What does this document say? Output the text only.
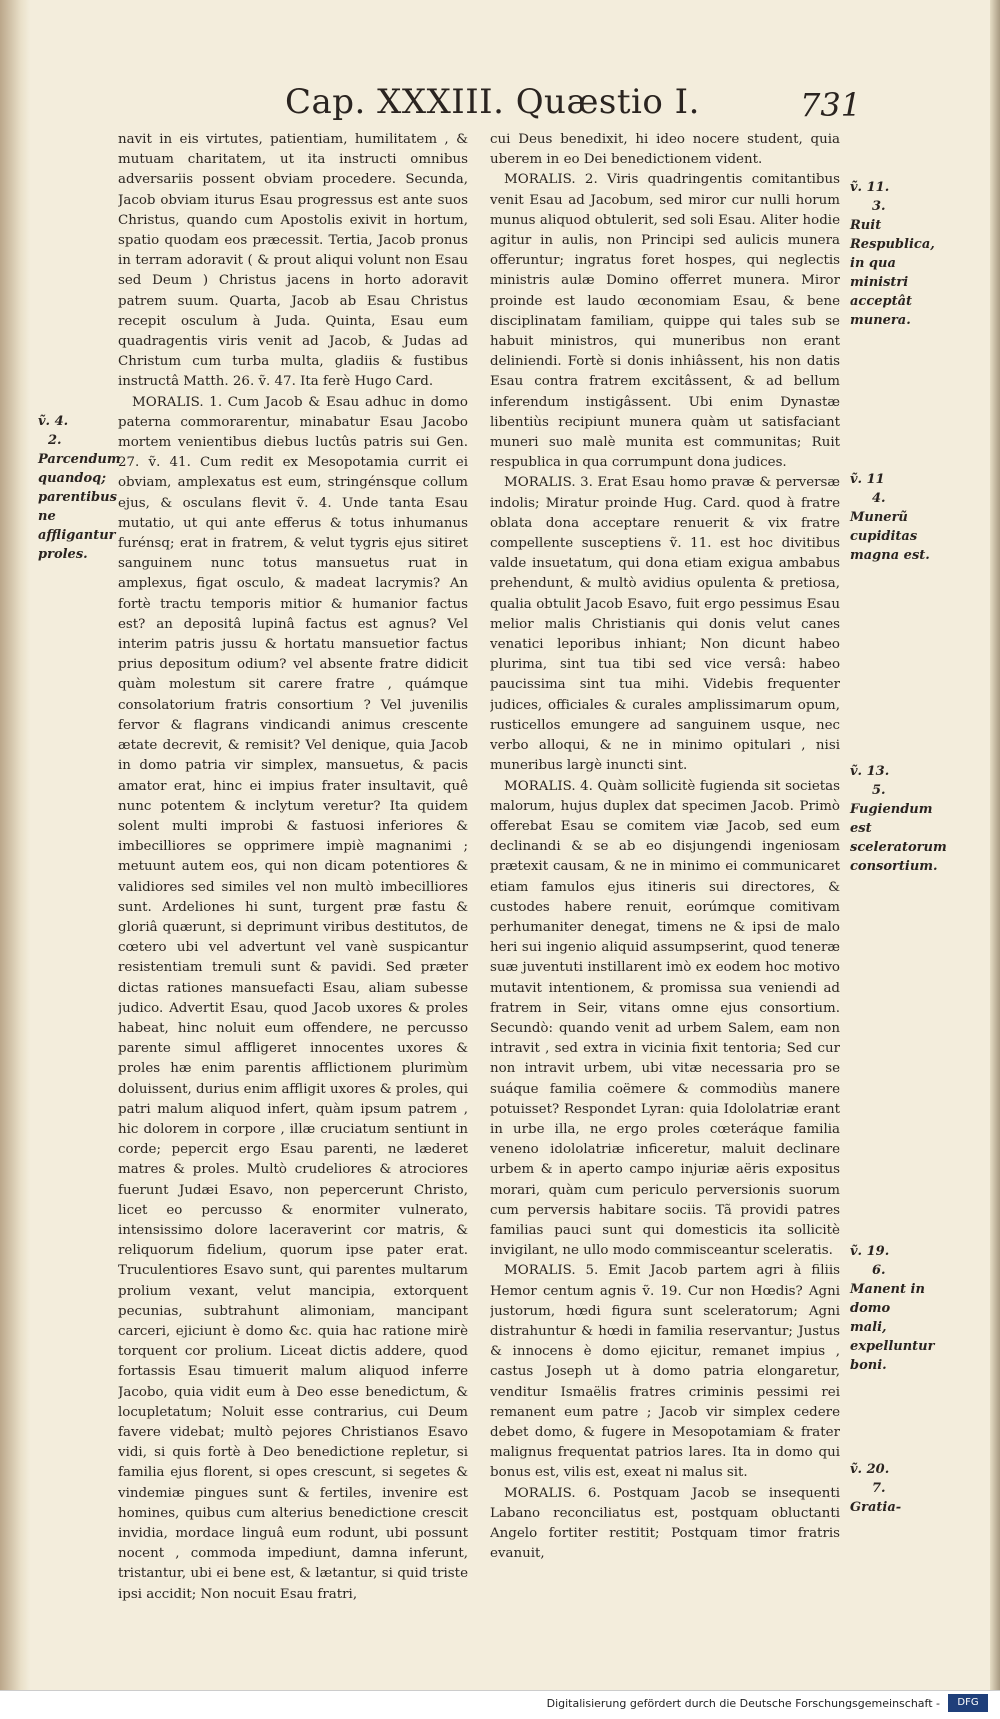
Cap. XXXIII. Quæstio I.	731

navit in eis virtutes, patientiam, humilitatem , & mutuam charitatem, ut ita instructi omnibus adversariis possent obviam procedere. Secunda, Jacob obviam iturus Esau progressus est ante suos Christus, quando cum Apostolis exivit in hortum, spatio quodam eos præcessit. Tertia, Jacob pronus in terram adoravit ( & prout aliqui volunt non Esau sed Deum ) Christus jacens in horto adoravit patrem suum. Quarta, Jacob ab Esau Christus recepit osculum à Juda. Quinta, Esau eum quadragentis viris venit ad Jacob, & Judas ad Christum cum turba multa, gladiis & fustibus instructâ Matth. 26. ṽ. 47. Ita ferè Hugo Card.

MORALIS. 1. Cum Jacob & Esau adhuc in domo paterna commorarentur, minabatur Esau Jacobo mortem venientibus diebus luctûs patris sui Gen. 27. ṽ. 41. Cum redit ex Mesopotamia currit ei obviam, amplexatus est eum, stringénsque collum ejus, & osculans flevit ṽ. 4. Unde tanta Esau mutatio, ut qui ante efferus & totus inhumanus furénsq; erat in fratrem, & velut tygris ejus sitiret sanguinem nunc totus mansuetus ruat in amplexus, figat osculo, & madeat lacrymis? An fortè tractu temporis mitior & humanior factus est? an depositâ lupinâ factus est agnus? Vel interim patris jussu & hortatu mansuetior factus prius depositum odium? vel absente fratre didicit quàm molestum sit carere fratre , quámque consolatorium fratris consortium ? Vel juvenilis fervor & flagrans vindicandi animus crescente ætate decrevit, & remisit? Vel denique, quia Jacob in domo patria vir simplex, mansuetus, & pacis amator erat, hinc ei impius frater insultavit, quê nunc potentem & inclytum veretur? Ita quidem solent multi improbi & fastuosi inferiores & imbecilliores se opprimere impiè magnanimi ; metuunt autem eos, qui non dicam potentiores & validiores sed similes vel non multò imbecilliores sunt. Ardeliones hi sunt, turgent præ fastu & gloriâ quærunt, si deprimunt viribus destitutos, de cœtero ubi vel advertunt vel vanè suspicantur resistentiam tremuli sunt & pavidi. Sed præter dictas rationes mansuefacti Esau, aliam subesse judico. Advertit Esau, quod Jacob uxores & proles habeat, hinc noluit eum offendere, ne percusso parente simul affligeret innocentes uxores & proles hæ enim parentis afflictionem plurimùm doluissent, durius enim affligit uxores & proles, qui patri malum aliquod infert, quàm ipsum patrem , hic dolorem in corpore , illæ cruciatum sentiunt in corde; pepercit ergo Esau parenti, ne læderet matres & proles. Multò crudeliores & atrociores fuerunt Judæi Esavo, non pepercerunt Christo, licet eo percusso & enormiter vulnerato, intensissimo dolore laceraverint cor matris, & reliquorum fidelium, quorum ipse pater erat. Truculentiores Esavo sunt, qui parentes multarum prolium vexant, velut mancipia, extorquent pecunias, subtrahunt alimoniam, mancipant carceri, ejiciunt è domo &c. quia hac ratione mirè torquent cor prolium. Liceat dictis addere, quod fortassis Esau timuerit malum aliquod inferre Jacobo, quia vidit eum à Deo esse benedictum, & locupletatum; Noluit esse contrarius, cui Deum favere videbat; multò pejores Christianos Esavo vidi, si quis fortè à Deo benedictione repletur, si familia ejus florent, si opes crescunt, si segetes & vindemiæ pingues sunt & fertiles, invenire est homines, quibus cum alterius benedictione crescit invidia, mordace linguâ eum rodunt, ubi possunt nocent , commoda impediunt, damna inferunt, tristantur, ubi ei bene est, & lætantur, si quid triste ipsi accidit; Non nocuit Esau fratri,

cui Deus benedixit, hi ideo nocere student, quia uberem in eo Dei benedictionem vident.

MORALIS. 2. Viris quadringentis comitantibus venit Esau ad Jacobum, sed miror cur nulli horum munus aliquod obtulerit, sed soli Esau. Aliter hodie agitur in aulis, non Principi sed aulicis munera offeruntur; ingratus foret hospes, qui neglectis ministris aulæ Domino offerret munera. Miror proinde est laudo œconomiam Esau, & bene disciplinatam familiam, quippe qui tales sub se habuit ministros, qui muneribus non erant deliniendi. Fortè si donis inhiâssent, his non datis Esau contra fratrem excitâssent, & ad bellum inferendum instigâssent. Ubi enim Dynastæ libentiùs recipiunt munera quàm ut satisfaciant muneri suo malè munita est communitas; Ruit respublica in qua corrumpunt dona judices.

MORALIS. 3. Erat Esau homo pravæ & perversæ indolis; Miratur proinde Hug. Card. quod à fratre oblata dona acceptare renuerit & vix fratre compellente susceptiens ṽ. 11. est hoc divitibus valde insuetatum, qui dona etiam exigua ambabus prehendunt, & multò avidius opulenta & pretiosa, qualia obtulit Jacob Esavo, fuit ergo pessimus Esau melior malis Christianis qui donis velut canes venatici leporibus inhiant; Non dicunt habeo plurima, sint tua tibi sed vice versâ: habeo paucissima sint tua mihi. Videbis frequenter judices, officiales & curales amplissimarum opum, rusticellos emungere ad sanguinem usque, nec verbo alloqui, & ne in minimo opitulari , nisi muneribus largè inuncti sint.

MORALIS. 4. Quàm sollicitè fugienda sit societas malorum, hujus duplex dat specimen Jacob. Primò offerebat Esau se comitem viæ Jacob, sed eum declinandi & se ab eo disjungendi ingeniosam prætexit causam, & ne in minimo ei communicaret etiam famulos ejus itineris sui directores, & custodes habere renuit, eorúmque comitivam perhumaniter denegat, timens ne & ipsi de malo heri sui ingenio aliquid assumpserint, quod teneræ suæ juventuti instillarent imò ex eodem hoc motivo mutavit intentionem, & promissa sua veniendi ad fratrem in Seir, vitans omne ejus consortium. Secundò: quando venit ad urbem Salem, eam non intravit , sed extra in vicinia fixit tentoria; Sed cur non intravit urbem, ubi vitæ necessaria pro se suáque familia coëmere & commodiùs manere potuisset? Respondet Lyran: quia Idololatriæ erant in urbe illa, ne ergo proles cœteráque familia veneno idololatriæ inficeretur, maluit declinare urbem & in aperto campo injuriæ aëris expositus morari, quàm cum periculo perversionis suorum cum perversis habitare sociis. Tã providi patres familias pauci sunt qui domesticis ita sollicitè invigilant, ne ullo modo commisceantur sceleratis.

MORALIS. 5. Emit Jacob partem agri à filiis Hemor centum agnis ṽ. 19. Cur non Hœdis? Agni justorum, hœdi figura sunt sceleratorum; Agni distrahuntur & hœdi in familia reservantur; Justus & innocens è domo ejicitur, remanet impius , castus Joseph ut à domo patria elongaretur, venditur Ismaëlis fratres criminis pessimi rei remanent eum patre ; Jacob vir simplex cedere debet domo, & fugere in Mesopotamiam & frater malignus frequentat patrios lares. Ita in domo qui bonus est, vilis est, exeat ni malus sit.

MORALIS. 6. Postquam Jacob se insequenti Labano reconciliatus est, postquam obluctanti Angelo fortiter restitit; Postquam timor fratris evanuit,

ṽ. 4.
2.
Parcendum quandoq; parentibus ne affligantur proles.
ṽ. 11.
3.
Ruit Respublica, in qua ministri acceptât munera.
ṽ. 11
4.
Munerũ cupiditas magna est.
ṽ. 13.
5.
Fugiendum est sceleratorum consortium.
ṽ. 19.
6.
Manent in domo mali, expelluntur boni.
ṽ. 20.
7.
Gratia-
Digitalisierung gefördert durch die Deutsche Forschungsgemeinschaft -	DFG
